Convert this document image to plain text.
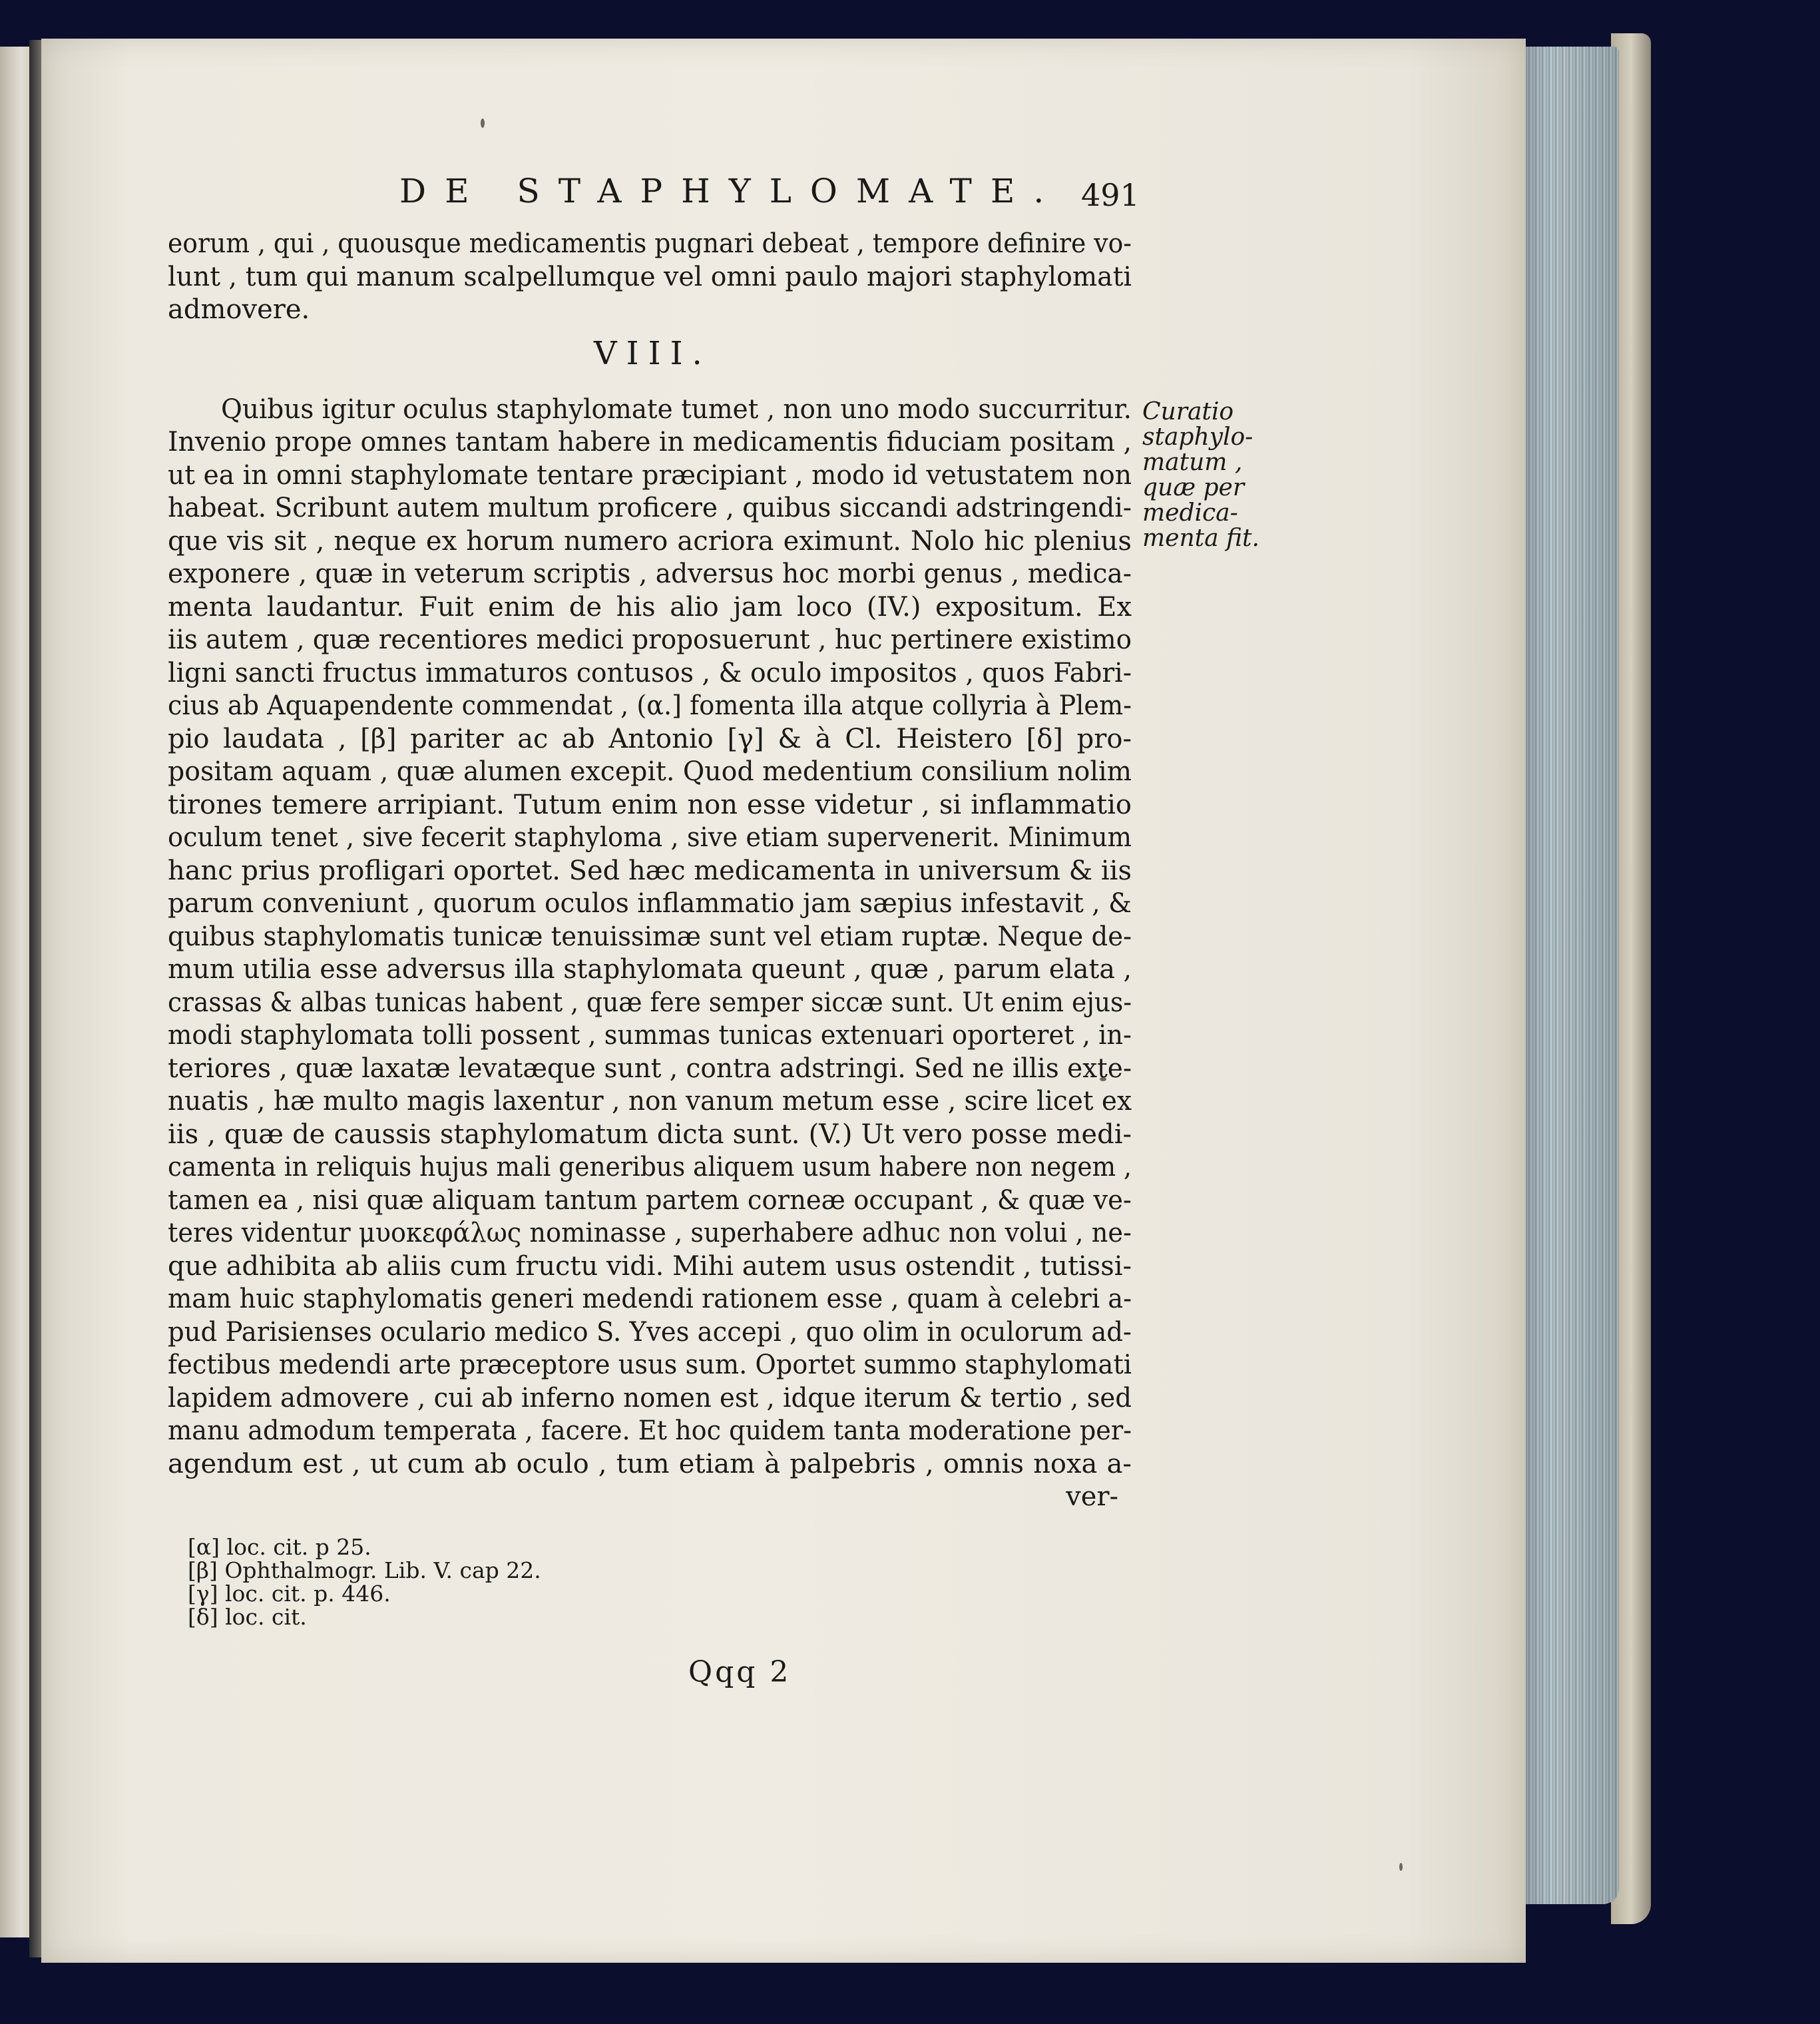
DE STAPHYLOMATE. 491
eorum , qui , quousque medicamentis pugnari debeat , tempore definire vo-
lunt , tum qui manum scalpellumque vel omni paulo majori staphylomati
admovere.
VIII.
Quibus igitur oculus staphylomate tumet , non uno modo succurritur.
Invenio prope omnes tantam habere in medicamentis fiduciam positam ,
ut ea in omni staphylomate tentare præcipiant , modo id vetustatem non
habeat. Scribunt autem multum proficere , quibus siccandi adstringendi-
que vis sit , neque ex horum numero acriora eximunt. Nolo hic plenius
exponere , quæ in veterum scriptis , adversus hoc morbi genus , medica-
menta laudantur. Fuit enim de his alio jam loco (IV.) expositum. Ex
iis autem , quæ recentiores medici proposuerunt , huc pertinere existimo
ligni sancti fructus immaturos contusos , & oculo impositos , quos Fabri-
cius ab Aquapendente commendat , (α.] fomenta illa atque collyria à Plem-
pio laudata , [β] pariter ac ab Antonio [γ] & à Cl. Heistero [δ] pro-
positam aquam , quæ alumen excepit. Quod medentium consilium nolim
tirones temere arripiant. Tutum enim non esse videtur , si inflammatio
oculum tenet , sive fecerit staphyloma , sive etiam supervenerit. Minimum
hanc prius profligari oportet. Sed hæc medicamenta in universum & iis
parum conveniunt , quorum oculos inflammatio jam sæpius infestavit , &
quibus staphylomatis tunicæ tenuissimæ sunt vel etiam ruptæ. Neque de-
mum utilia esse adversus illa staphylomata queunt , quæ , parum elata ,
crassas & albas tunicas habent , quæ fere semper siccæ sunt. Ut enim ejus-
modi staphylomata tolli possent , summas tunicas extenuari oporteret , in-
teriores , quæ laxatæ levatæque sunt , contra adstringi. Sed ne illis exte-
nuatis , hæ multo magis laxentur , non vanum metum esse , scire licet ex
iis , quæ de caussis staphylomatum dicta sunt. (V.) Ut vero posse medi-
camenta in reliquis hujus mali generibus aliquem usum habere non negem ,
tamen ea , nisi quæ aliquam tantum partem corneæ occupant , & quæ ve-
teres videntur μυοκεφάλως nominasse , superhabere adhuc non volui , ne-
que adhibita ab aliis cum fructu vidi. Mihi autem usus ostendit , tutissi-
mam huic staphylomatis generi medendi rationem esse , quam à celebri a-
pud Parisienses oculario medico S. Yves accepi , quo olim in oculorum ad-
fectibus medendi arte præceptore usus sum. Oportet summo staphylomati
lapidem admovere , cui ab inferno nomen est , idque iterum & tertio , sed
manu admodum temperata , facere. Et hoc quidem tanta moderatione per-
agendum est , ut cum ab oculo , tum etiam à palpebris , omnis noxa a-
ver-
Curatio
staphylo-
matum ,
quæ per
medica-
menta fit.
[α] loc. cit. p 25.
[β] Ophthalmogr. Lib. V. cap 22.
[γ] loc. cit. p. 446.
[δ] loc. cit.
Qqq 2
